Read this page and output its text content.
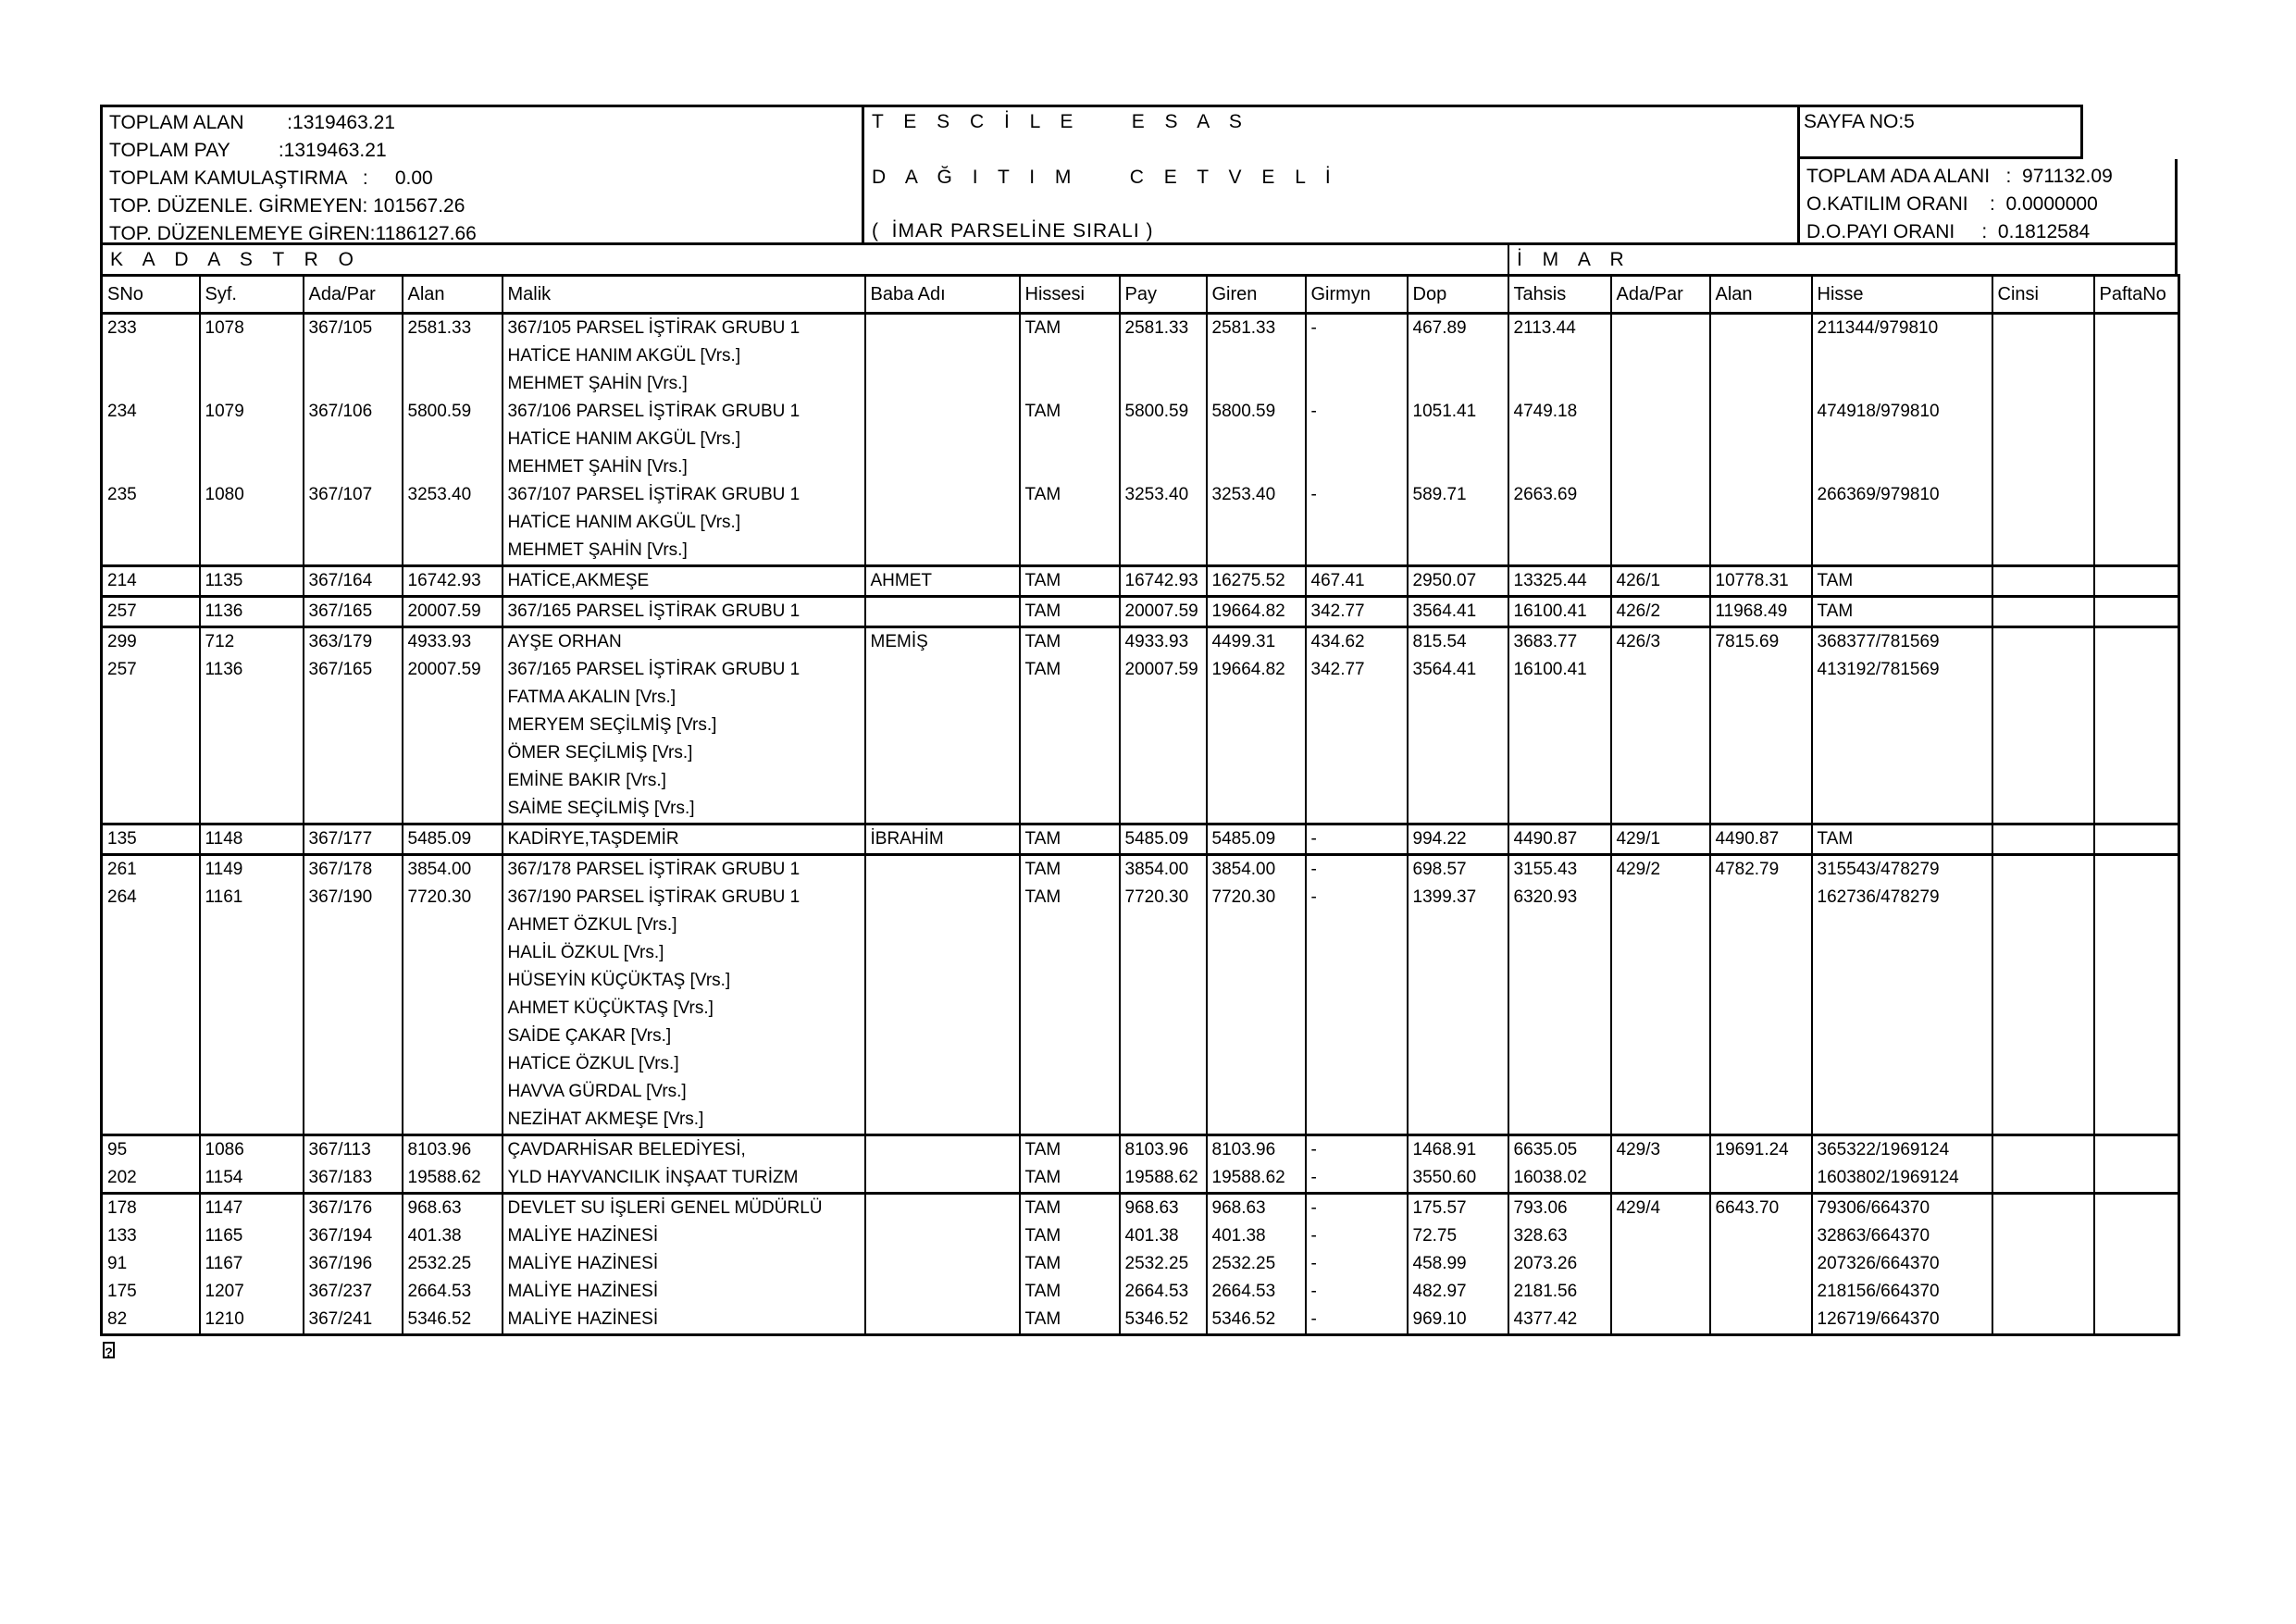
TOPLAM ALAN        :1319463.21
TOPLAM PAY         :1319463.21
TOPLAM KAMULAŞTIRMA   :     0.00
TOP. DÜZENLE. GİRMEYEN: 101567.26
TOP. DÜZENLEMEYE GİREN:1186127.66
T E S C İ L E    E S A S
D A Ğ I T I M    C E T V E L İ
(  İMAR PARSELİNE SIRALI )
TOPLAM ADA ALANI   :  971132.09
O.KATILIM ORANI    :  0.0000000
D.O.PAYI ORANI     :  0.1812584
SAYFA NO:5
K A D A S T R O	İ M A R
SNo	Syf.	Ada/Par	Alan	Malik	Baba Adı	Hissesi	Pay	Giren	Girmyn	Dop	Tahsis	Ada/Par	Alan	Hisse	Cinsi	PaftaNo
233	1078	367/105	2581.33	367/105 PARSEL İŞTİRAK GRUBU 1		TAM	2581.33	2581.33	-	467.89	2113.44			211344/979810		
				HATİCE HANIM AKGÜL [Vrs.]												
				MEHMET ŞAHİN [Vrs.]												
234	1079	367/106	5800.59	367/106 PARSEL İŞTİRAK GRUBU 1		TAM	5800.59	5800.59	-	1051.41	4749.18			474918/979810		
				HATİCE HANIM AKGÜL [Vrs.]												
				MEHMET ŞAHİN [Vrs.]												
235	1080	367/107	3253.40	367/107 PARSEL İŞTİRAK GRUBU 1		TAM	3253.40	3253.40	-	589.71	2663.69			266369/979810		
				HATİCE HANIM AKGÜL [Vrs.]												
				MEHMET ŞAHİN [Vrs.]												
214	1135	367/164	16742.93	HATİCE,AKMEŞE	AHMET	TAM	16742.93	16275.52	467.41	2950.07	13325.44	426/1	10778.31	TAM		
257	1136	367/165	20007.59	367/165 PARSEL İŞTİRAK GRUBU 1		TAM	20007.59	19664.82	342.77	3564.41	16100.41	426/2	11968.49	TAM		
299	712	363/179	4933.93	AYŞE ORHAN	MEMİŞ	TAM	4933.93	4499.31	434.62	815.54	3683.77	426/3	7815.69	368377/781569		
257	1136	367/165	20007.59	367/165 PARSEL İŞTİRAK GRUBU 1		TAM	20007.59	19664.82	342.77	3564.41	16100.41			413192/781569		
				FATMA AKALIN [Vrs.]												
				MERYEM SEÇİLMİŞ [Vrs.]												
				ÖMER SEÇİLMİŞ [Vrs.]												
				EMİNE BAKIR [Vrs.]												
				SAİME SEÇİLMİŞ [Vrs.]												
135	1148	367/177	5485.09	KADİRYE,TAŞDEMİR	İBRAHİM	TAM	5485.09	5485.09	-	994.22	4490.87	429/1	4490.87	TAM		
261	1149	367/178	3854.00	367/178 PARSEL İŞTİRAK GRUBU 1		TAM	3854.00	3854.00	-	698.57	3155.43	429/2	4782.79	315543/478279		
264	1161	367/190	7720.30	367/190 PARSEL İŞTİRAK GRUBU 1		TAM	7720.30	7720.30	-	1399.37	6320.93			162736/478279		
				AHMET ÖZKUL [Vrs.]												
				HALİL ÖZKUL [Vrs.]												
				HÜSEYİN KÜÇÜKTAŞ [Vrs.]												
				AHMET KÜÇÜKTAŞ [Vrs.]												
				SAİDE ÇAKAR [Vrs.]												
				HATİCE ÖZKUL [Vrs.]												
				HAVVA GÜRDAL [Vrs.]												
				NEZİHAT AKMEŞE [Vrs.]												
95	1086	367/113	8103.96	ÇAVDARHİSAR BELEDİYESİ,		TAM	8103.96	8103.96	-	1468.91	6635.05	429/3	19691.24	365322/1969124		
202	1154	367/183	19588.62	YLD HAYVANCILIK İNŞAAT TURİZM		TAM	19588.62	19588.62	-	3550.60	16038.02			1603802/1969124		
178	1147	367/176	968.63	DEVLET SU İŞLERİ GENEL MÜDÜRLÜ		TAM	968.63	968.63	-	175.57	793.06	429/4	6643.70	79306/664370		
133	1165	367/194	401.38	MALİYE HAZİNESİ		TAM	401.38	401.38	-	72.75	328.63			32863/664370		
91	1167	367/196	2532.25	MALİYE HAZİNESİ		TAM	2532.25	2532.25	-	458.99	2073.26			207326/664370		
175	1207	367/237	2664.53	MALİYE HAZİNESİ		TAM	2664.53	2664.53	-	482.97	2181.56			218156/664370		
82	1210	367/241	5346.52	MALİYE HAZİNESİ		TAM	5346.52	5346.52	-	969.10	4377.42			126719/664370		
?
